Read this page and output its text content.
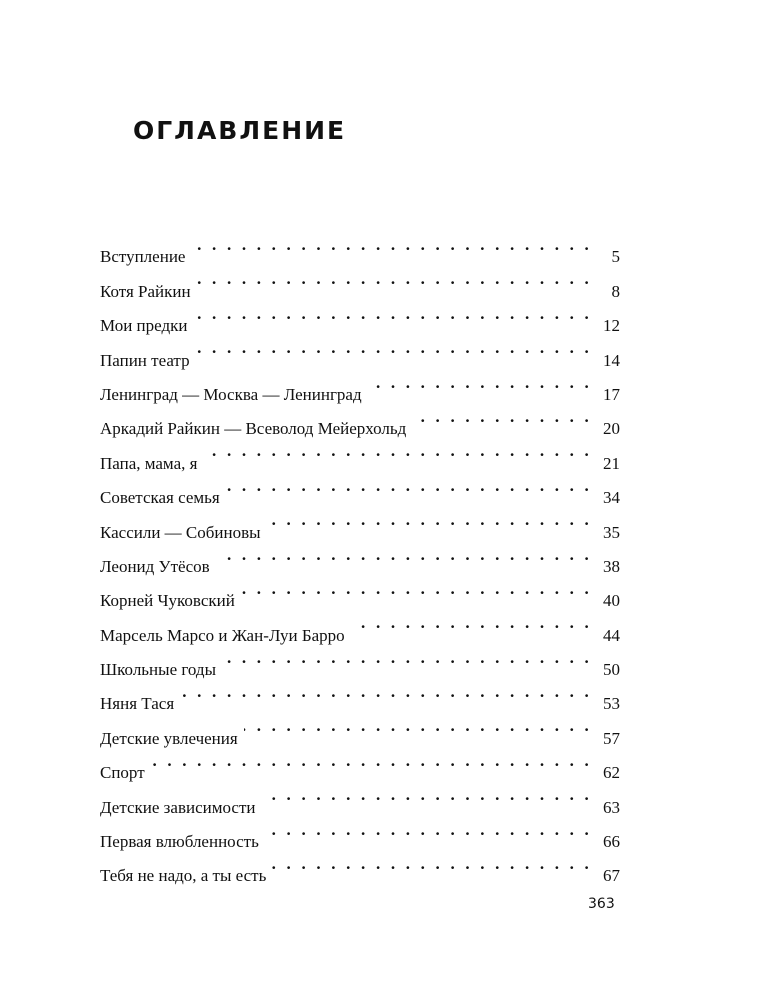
ОГЛАВЛЕНИЕ
Вступление . . .	5
Котя Райкин . . .	8
Мои предки . . .	12
Папин театр . . .	14
Ленинград — Москва — Ленинград . . .	17
Аркадий Райкин — Всеволод Мейерхольд . . .	20
Папа, мама, я . . .	21
Советская семья . . .	34
Кассили — Собиновы . . .	35
Леонид Утёсов . . .	38
Корней Чуковский . . .	40
Марсель Марсо и Жан-Луи Барро . . .	44
Школьные годы . . .	50
Няня Тася . . .	53
Детские увлечения . . .	57
Спорт . . .	62
Детские зависимости . . .	63
Первая влюбленность . . .	66
Тебя не надо, а ты есть . . .	67
363
